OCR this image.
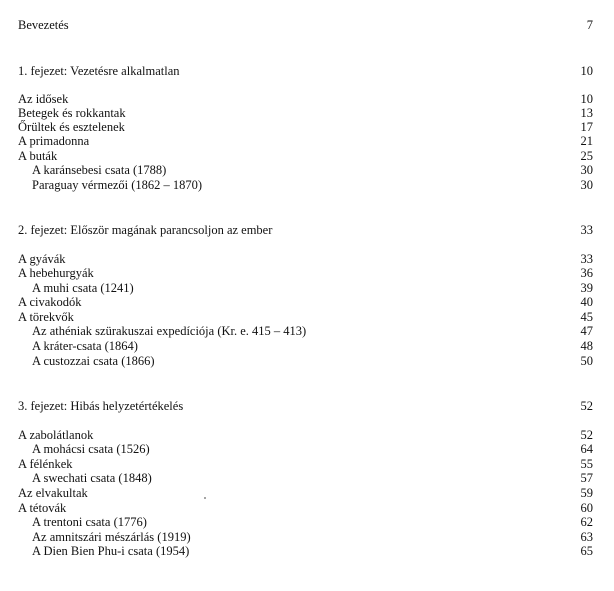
Bevezetés	7
1. fejezet: Vezetésre alkalmatlan	10
Az idősek	10
Betegek és rokkantak	13
Őrültek és esztelenek	17
A primadonna	21
A buták	25
A karánsebesi csata (1788)	30
Paraguay vérmezői (1862 – 1870)	30
2. fejezet: Először magának parancsoljon az ember	33
A gyávák	33
A hebehurgyák	36
A muhi csata (1241)	39
A civakodók	40
A törekvők	45
Az athéniak szürakuszai expedíciója (Kr. e. 415 – 413)	47
A kráter-csata (1864)	48
A custozzai csata (1866)	50
3. fejezet: Hibás helyzetértékelés	52
A zabolátlanok	52
A mohácsi csata (1526)	64
A félénkek	55
A swechati csata (1848)	57
Az elvakultak	59
A tétovák	60
A trentoni csata (1776)	62
Az amnitszári mészárlás (1919)	63
A Dien Bien Phu-i csata (1954)	65
